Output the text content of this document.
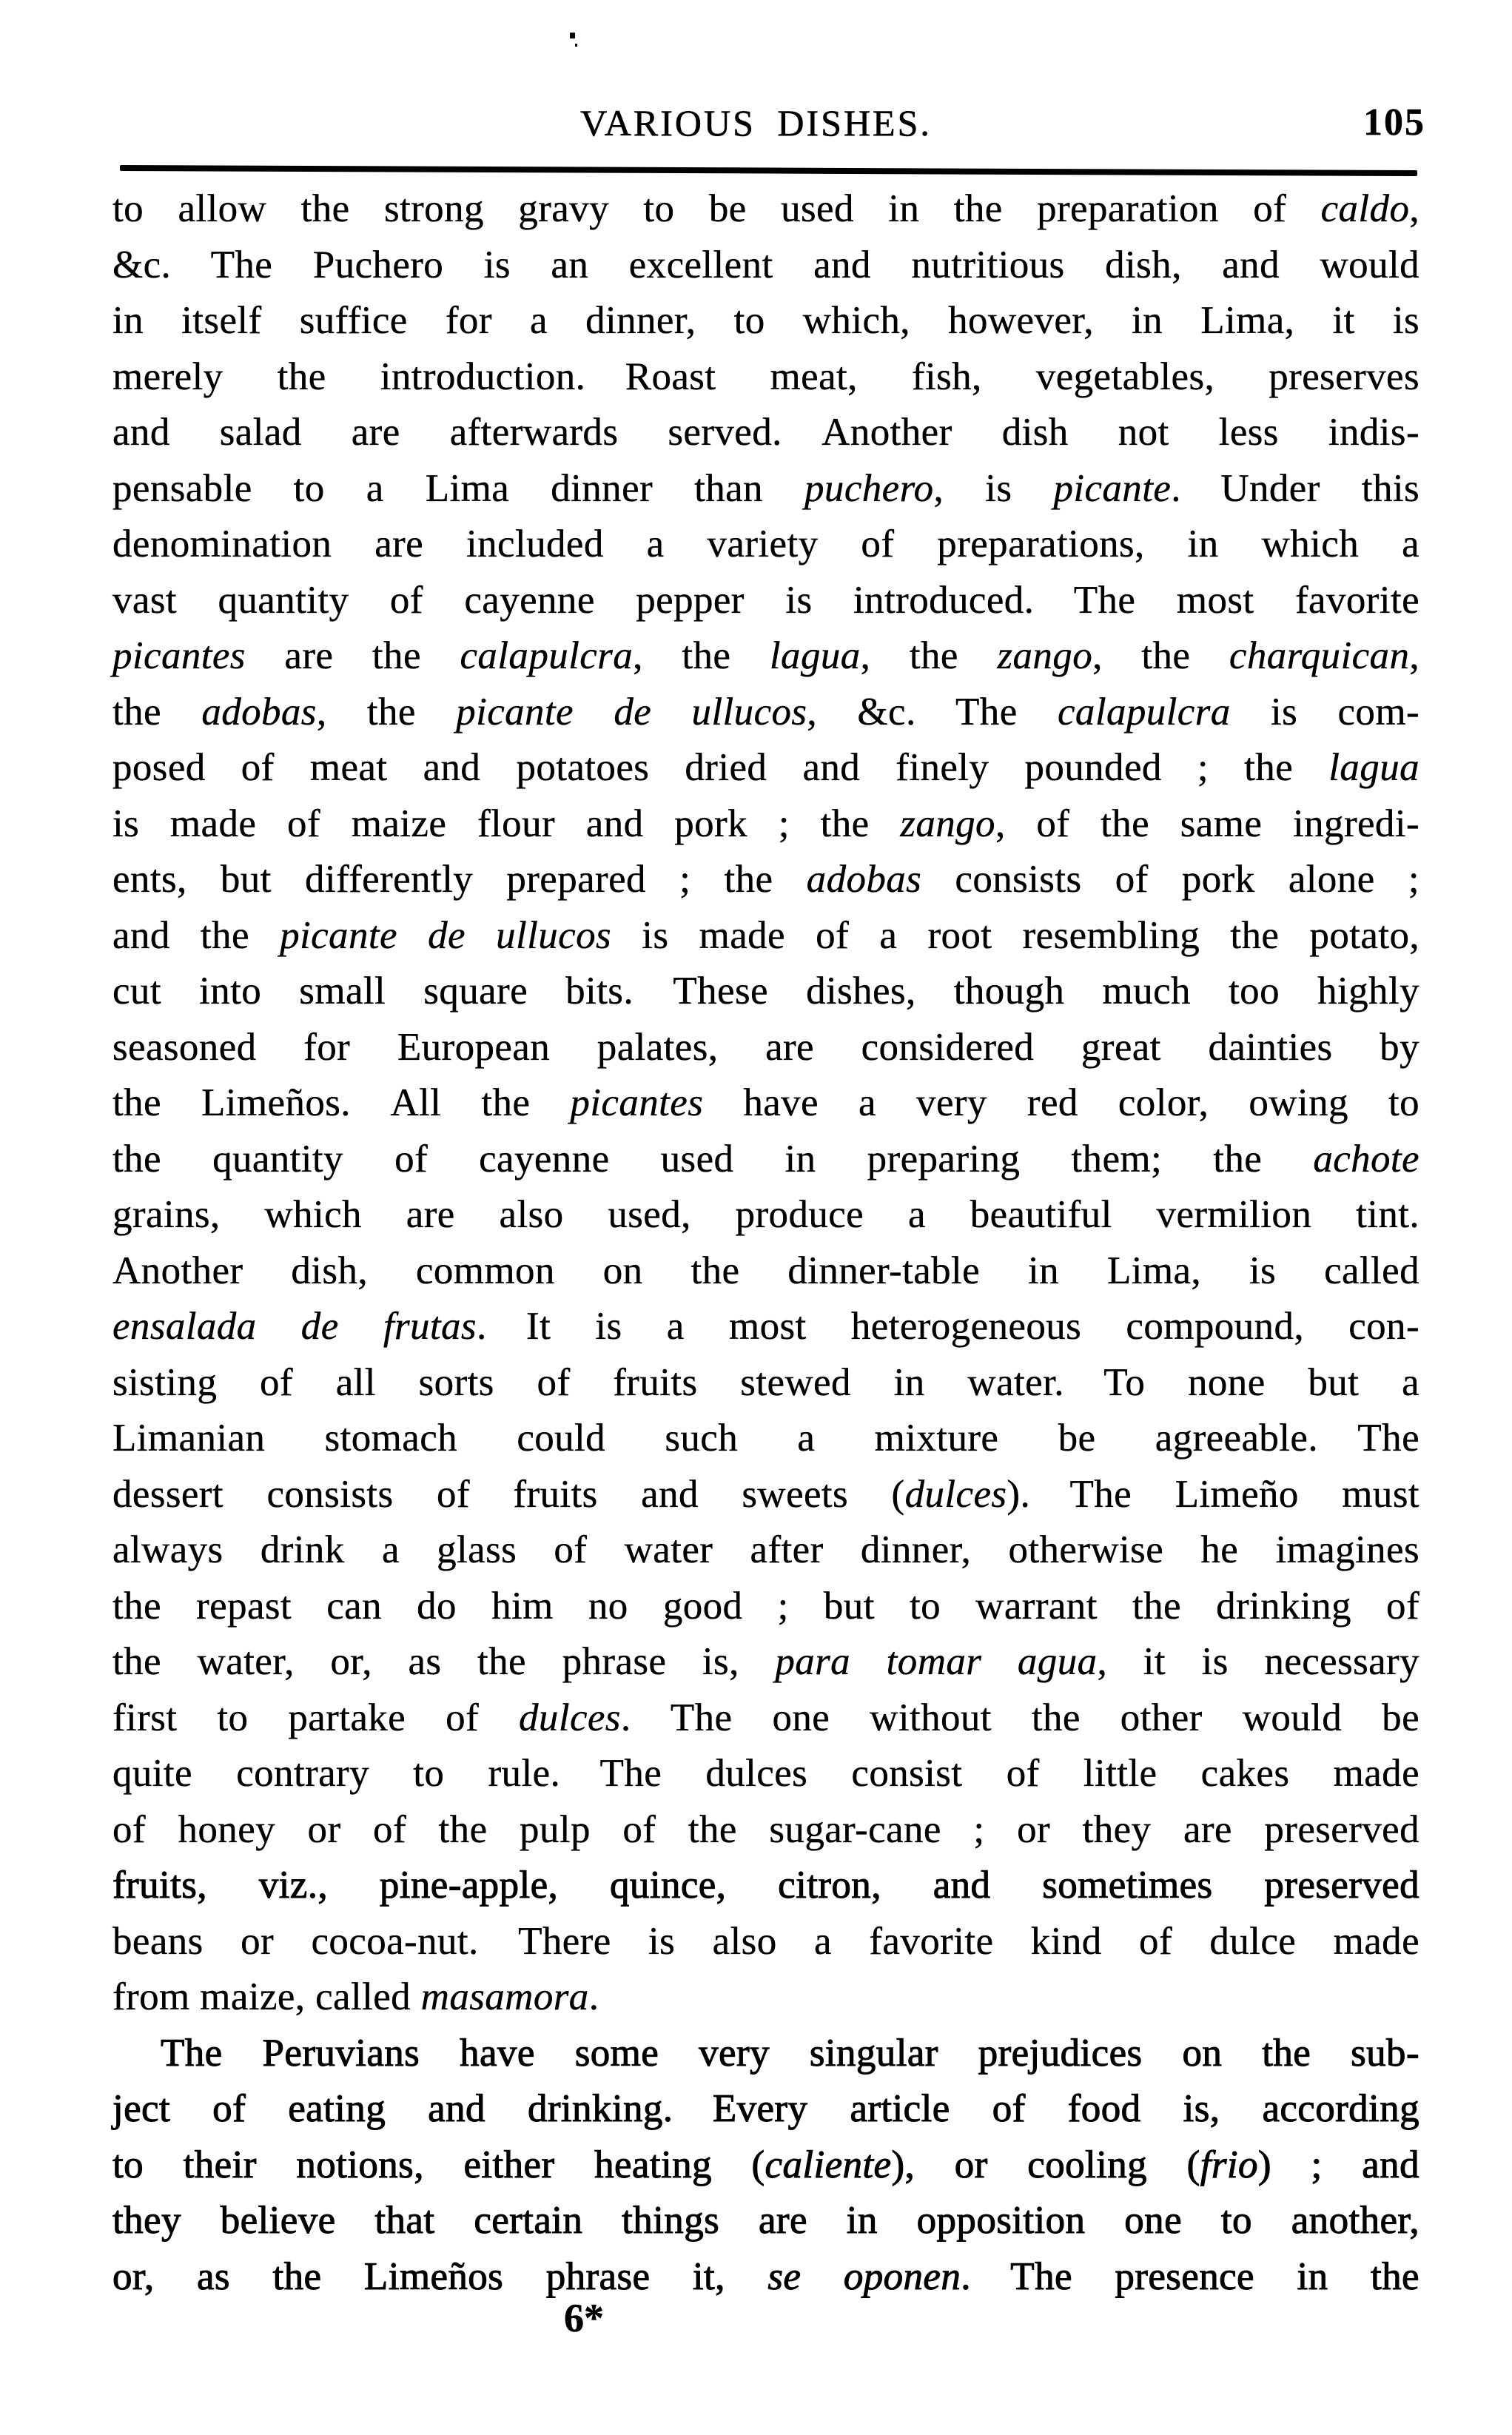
VARIOUS DISHES.	105
to allow the strong gravy to be used in the preparation of caldo,
&c. The Puchero is an excellent and nutritious dish, and would
in itself suffice for a dinner, to which, however, in Lima, it is
merely the introduction. Roast meat, fish, vegetables, preserves
and salad are afterwards served. Another dish not less indis-
pensable to a Lima dinner than puchero, is picante. Under this
denomination are included a variety of preparations, in which a
vast quantity of cayenne pepper is introduced. The most favorite
picantes are the calapulcra, the lagua, the zango, the charquican,
the adobas, the picante de ullucos, &c. The calapulcra is com-
posed of meat and potatoes dried and finely pounded ; the lagua
is made of maize flour and pork ; the zango, of the same ingredi-
ents, but differently prepared ; the adobas consists of pork alone ;
and the picante de ullucos is made of a root resembling the potato,
cut into small square bits. These dishes, though much too highly
seasoned for European palates, are considered great dainties by
the Limeños. All the picantes have a very red color, owing to
the quantity of cayenne used in preparing them; the achote
grains, which are also used, produce a beautiful vermilion tint.
Another dish, common on the dinner-table in Lima, is called
ensalada de frutas. It is a most heterogeneous compound, con-
sisting of all sorts of fruits stewed in water. To none but a
Limanian stomach could such a mixture be agreeable. The
dessert consists of fruits and sweets (dulces). The Limeño must
always drink a glass of water after dinner, otherwise he imagines
the repast can do him no good ; but to warrant the drinking of
the water, or, as the phrase is, para tomar agua, it is necessary
first to partake of dulces. The one without the other would be
quite contrary to rule. The dulces consist of little cakes made
of honey or of the pulp of the sugar-cane ; or they are preserved
fruits, viz., pine-apple, quince, citron, and sometimes preserved
beans or cocoa-nut. There is also a favorite kind of dulce made
from maize, called masamora.
The Peruvians have some very singular prejudices on the sub-
ject of eating and drinking. Every article of food is, according
to their notions, either heating (caliente), or cooling (frio) ; and
they believe that certain things are in opposition one to another,
or, as the Limeños phrase it, se oponen. The presence in the
6*
